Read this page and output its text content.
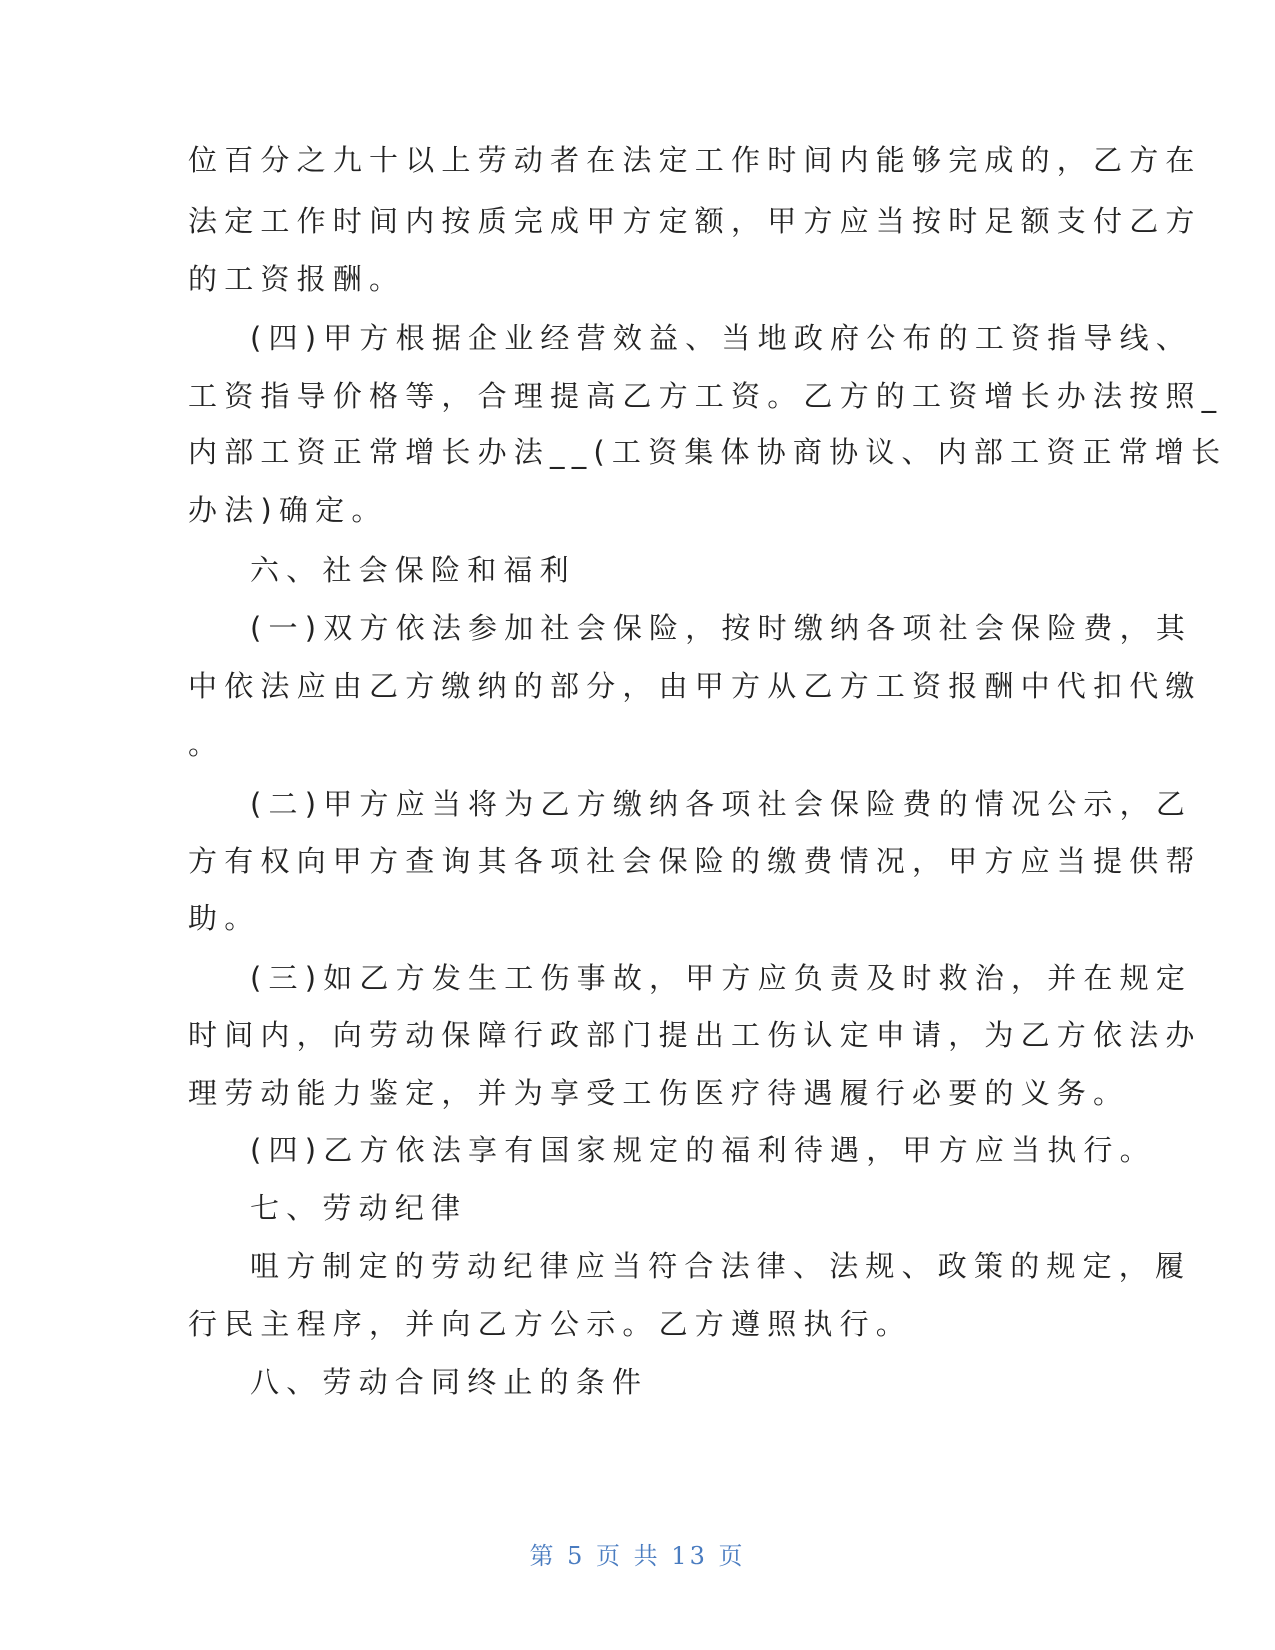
位百分之九十以上劳动者在法定工作时间内能够完成的，乙方在
法定工作时间内按质完成甲方定额，甲方应当按时足额支付乙方
的工资报酬。
(四)甲方根据企业经营效益、当地政府公布的工资指导线、
工资指导价格等，合理提高乙方工资。乙方的工资增长办法按照_
内部工资正常增长办法__(工资集体协商协议、内部工资正常增长
办法)确定。
六、社会保险和福利
(一)双方依法参加社会保险，按时缴纳各项社会保险费，其
中依法应由乙方缴纳的部分，由甲方从乙方工资报酬中代扣代缴
。
(二)甲方应当将为乙方缴纳各项社会保险费的情况公示，乙
方有权向甲方查询其各项社会保险的缴费情况，甲方应当提供帮
助。
(三)如乙方发生工伤事故，甲方应负责及时救治，并在规定
时间内，向劳动保障行政部门提出工伤认定申请，为乙方依法办
理劳动能力鉴定，并为享受工伤医疗待遇履行必要的义务。
(四)乙方依法享有国家规定的福利待遇，甲方应当执行。
七、劳动纪律
咀方制定的劳动纪律应当符合法律、法规、政策的规定，履
行民主程序，并向乙方公示。乙方遵照执行。
八、劳动合同终止的条件
第 5 页 共 13 页
